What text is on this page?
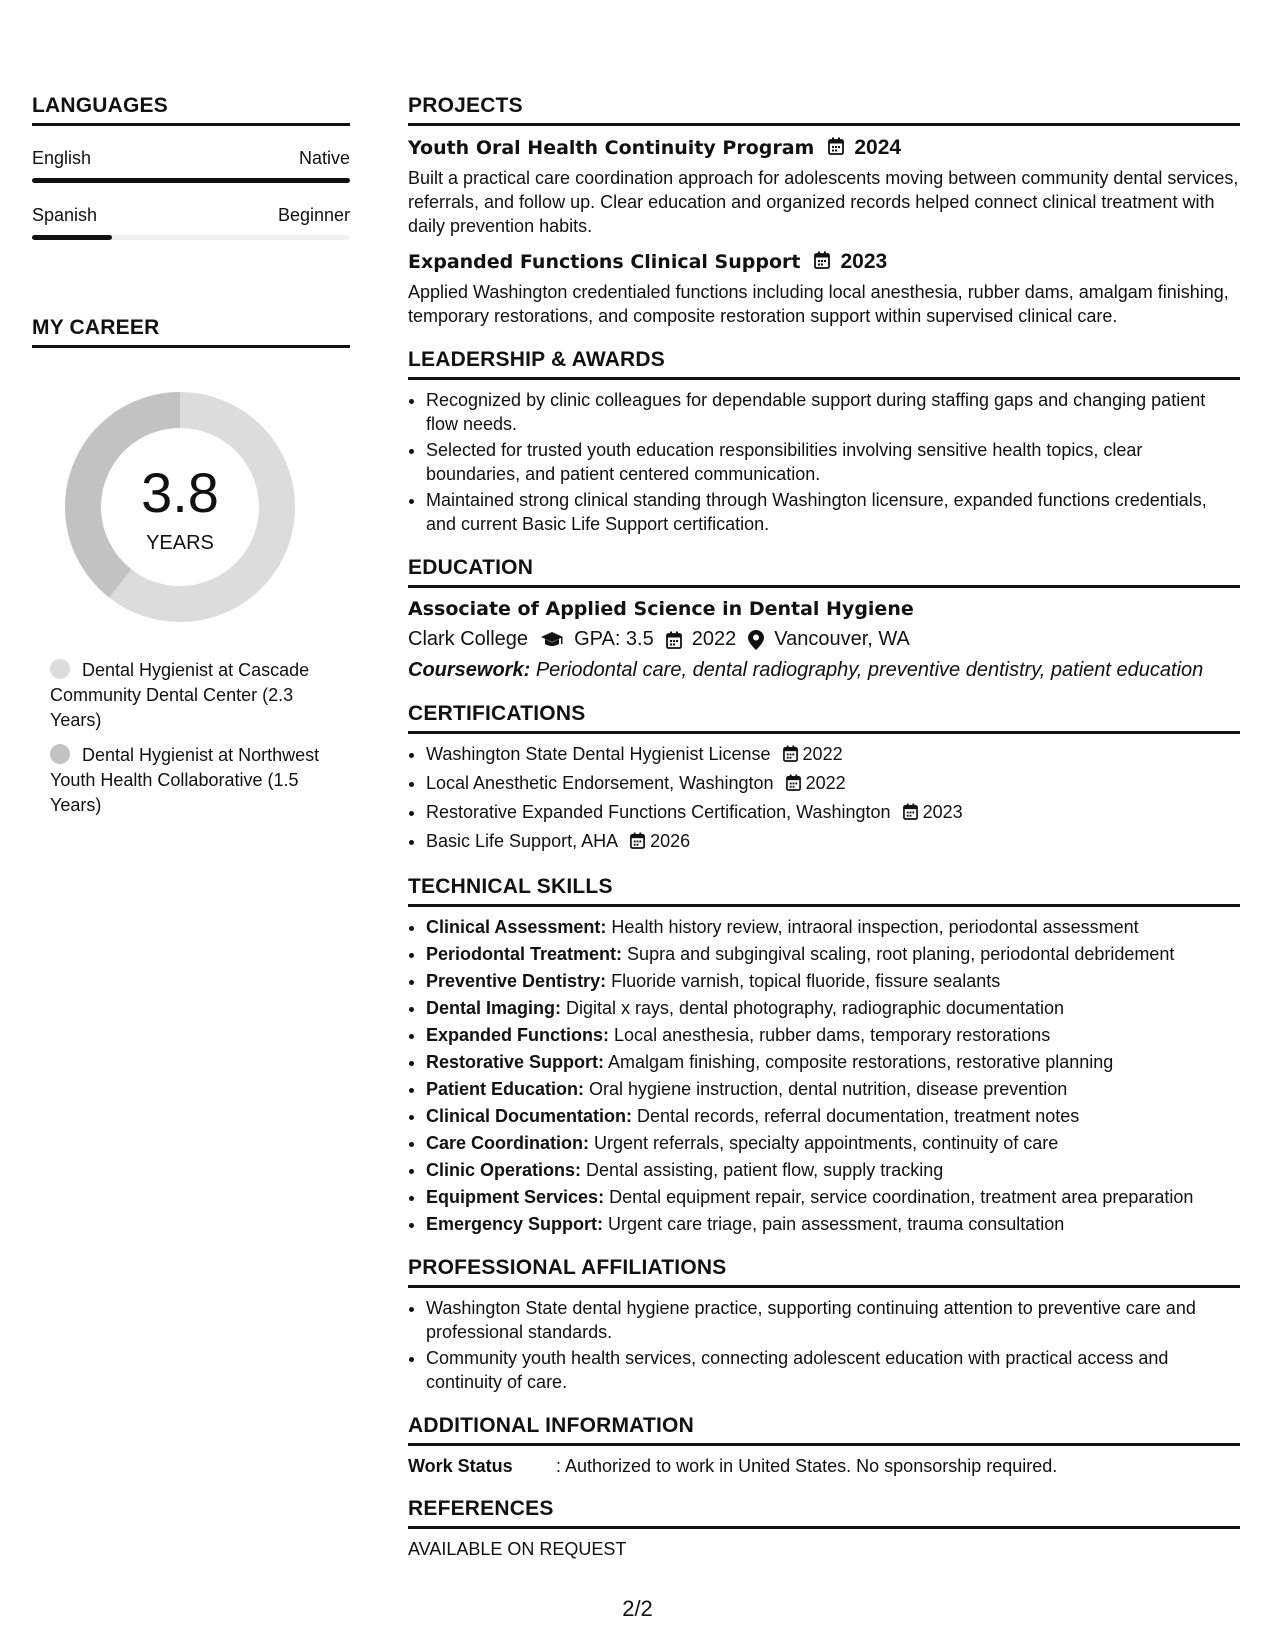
LANGUAGES
English	Native
Spanish	Beginner
MY CAREER
3.8
YEARS
Dental Hygienist at Cascade Community Dental Center (2.3 Years)
Dental Hygienist at Northwest Youth Health Collaborative (1.5 Years)
PROJECTS
Youth Oral Health Continuity Program 2024
Built a practical care coordination approach for adolescents moving between community dental services, referrals, and follow up. Clear education and organized records helped connect clinical treatment with daily prevention habits.
Expanded Functions Clinical Support 2023
Applied Washington credentialed functions including local anesthesia, rubber dams, amalgam finishing, temporary restorations, and composite restoration support within supervised clinical care.
LEADERSHIP & AWARDS
• Recognized by clinic colleagues for dependable support during staffing gaps and changing patient flow needs.
• Selected for trusted youth education responsibilities involving sensitive health topics, clear boundaries, and patient centered communication.
• Maintained strong clinical standing through Washington licensure, expanded functions credentials, and current Basic Life Support certification.
EDUCATION
Associate of Applied Science in Dental Hygiene
Clark College GPA: 3.5 2022 Vancouver, WA
Coursework: Periodontal care, dental radiography, preventive dentistry, patient education
CERTIFICATIONS
• Washington State Dental Hygienist License 2022
• Local Anesthetic Endorsement, Washington 2022
• Restorative Expanded Functions Certification, Washington 2023
• Basic Life Support, AHA 2026
TECHNICAL SKILLS
• Clinical Assessment: Health history review, intraoral inspection, periodontal assessment
• Periodontal Treatment: Supra and subgingival scaling, root planing, periodontal debridement
• Preventive Dentistry: Fluoride varnish, topical fluoride, fissure sealants
• Dental Imaging: Digital x rays, dental photography, radiographic documentation
• Expanded Functions: Local anesthesia, rubber dams, temporary restorations
• Restorative Support: Amalgam finishing, composite restorations, restorative planning
• Patient Education: Oral hygiene instruction, dental nutrition, disease prevention
• Clinical Documentation: Dental records, referral documentation, treatment notes
• Care Coordination: Urgent referrals, specialty appointments, continuity of care
• Clinic Operations: Dental assisting, patient flow, supply tracking
• Equipment Services: Dental equipment repair, service coordination, treatment area preparation
• Emergency Support: Urgent care triage, pain assessment, trauma consultation
PROFESSIONAL AFFILIATIONS
• Washington State dental hygiene practice, supporting continuing attention to preventive care and professional standards.
• Community youth health services, connecting adolescent education with practical access and continuity of care.
ADDITIONAL INFORMATION
Work Status	: Authorized to work in United States. No sponsorship required.
REFERENCES
AVAILABLE ON REQUEST
2/2
